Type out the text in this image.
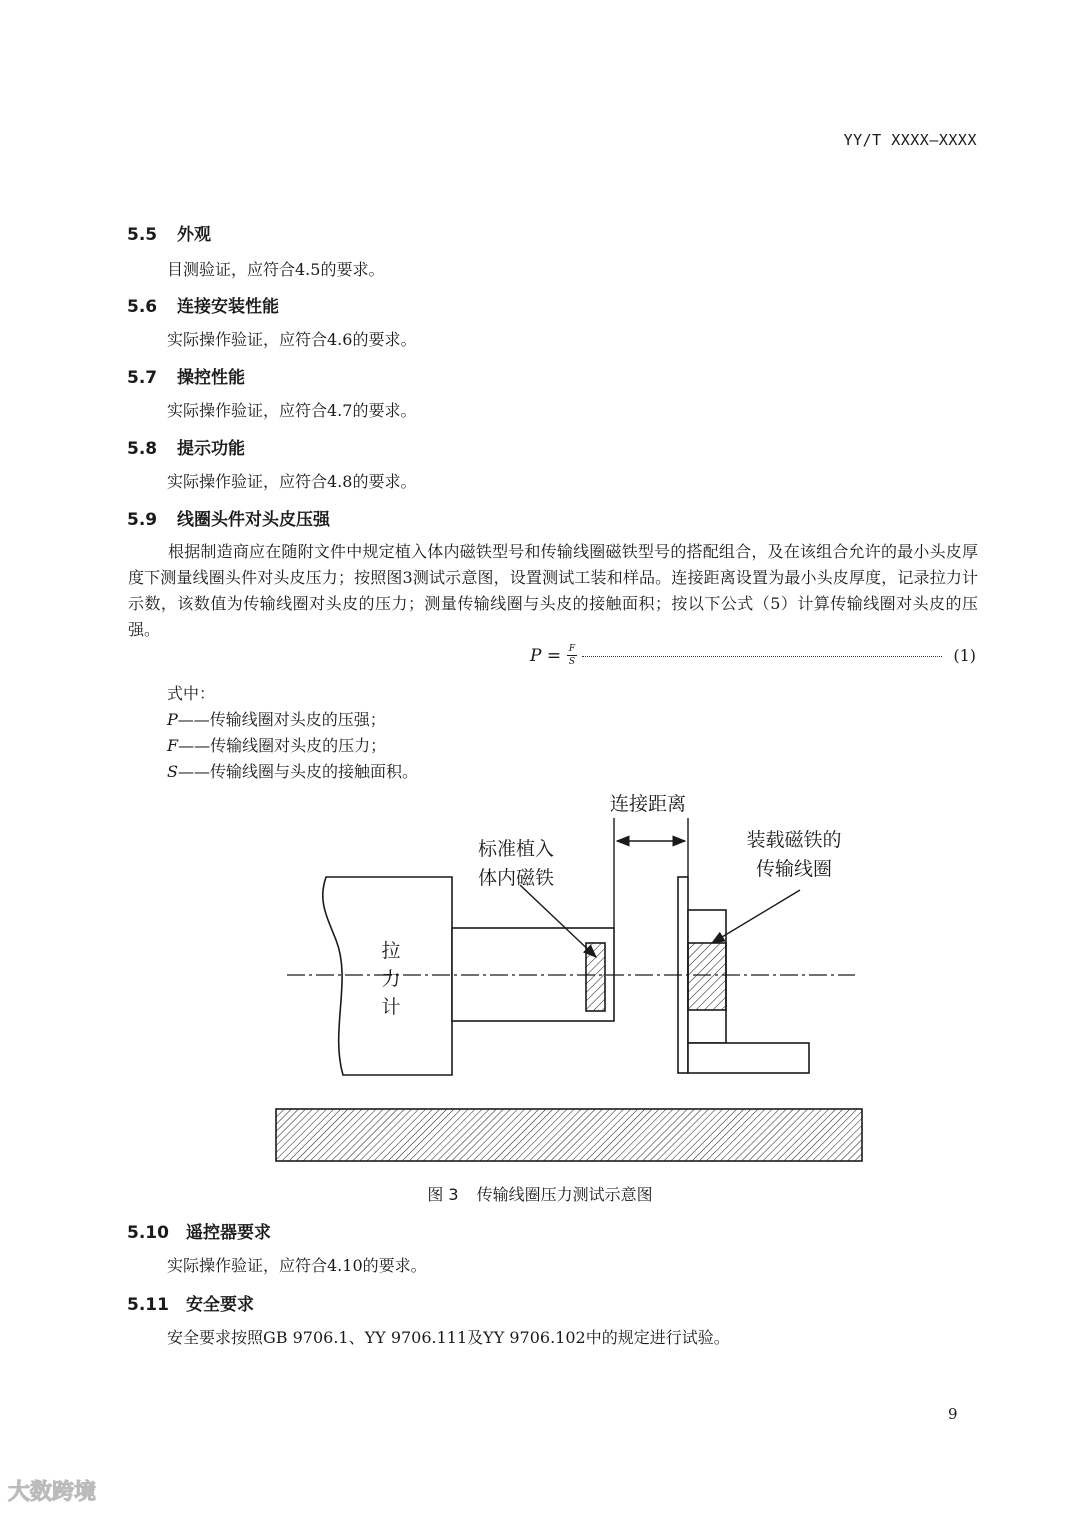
YY/T XXXX—XXXX
5.5 外观
目测验证，应符合4.5的要求。
5.6 连接安装性能
实际操作验证，应符合4.6的要求。
5.7 操控性能
实际操作验证，应符合4.7的要求。
5.8 提示功能
实际操作验证，应符合4.8的要求。
5.9 线圈头件对头皮压强
根据制造商应在随附文件中规定植入体内磁铁型号和传输线圈磁铁型号的搭配组合，及在该组合允许的最小头皮厚度下测量线圈头件对头皮压力；按照图3测试示意图，设置测试工装和样品。连接距离设置为最小头皮厚度，记录拉力计示数，该数值为传输线圈对头皮的压力；测量传输线圈与头皮的接触面积；按以下公式（5）计算传输线圈对头皮的压强。
P = F
S	(1)
式中：
P——传输线圈对头皮的压强；
F——传输线圈对头皮的压力；
S——传输线圈与头皮的接触面积。
连接距离
标准植入
体内磁铁
装载磁铁的
传输线圈
拉
力
计
图 3 传输线圈压力测试示意图
5.10 遥控器要求
实际操作验证，应符合4.10的要求。
5.11 安全要求
安全要求按照GB 9706.1、YY 9706.111及YY 9706.102中的规定进行试验。
9
大数跨境
